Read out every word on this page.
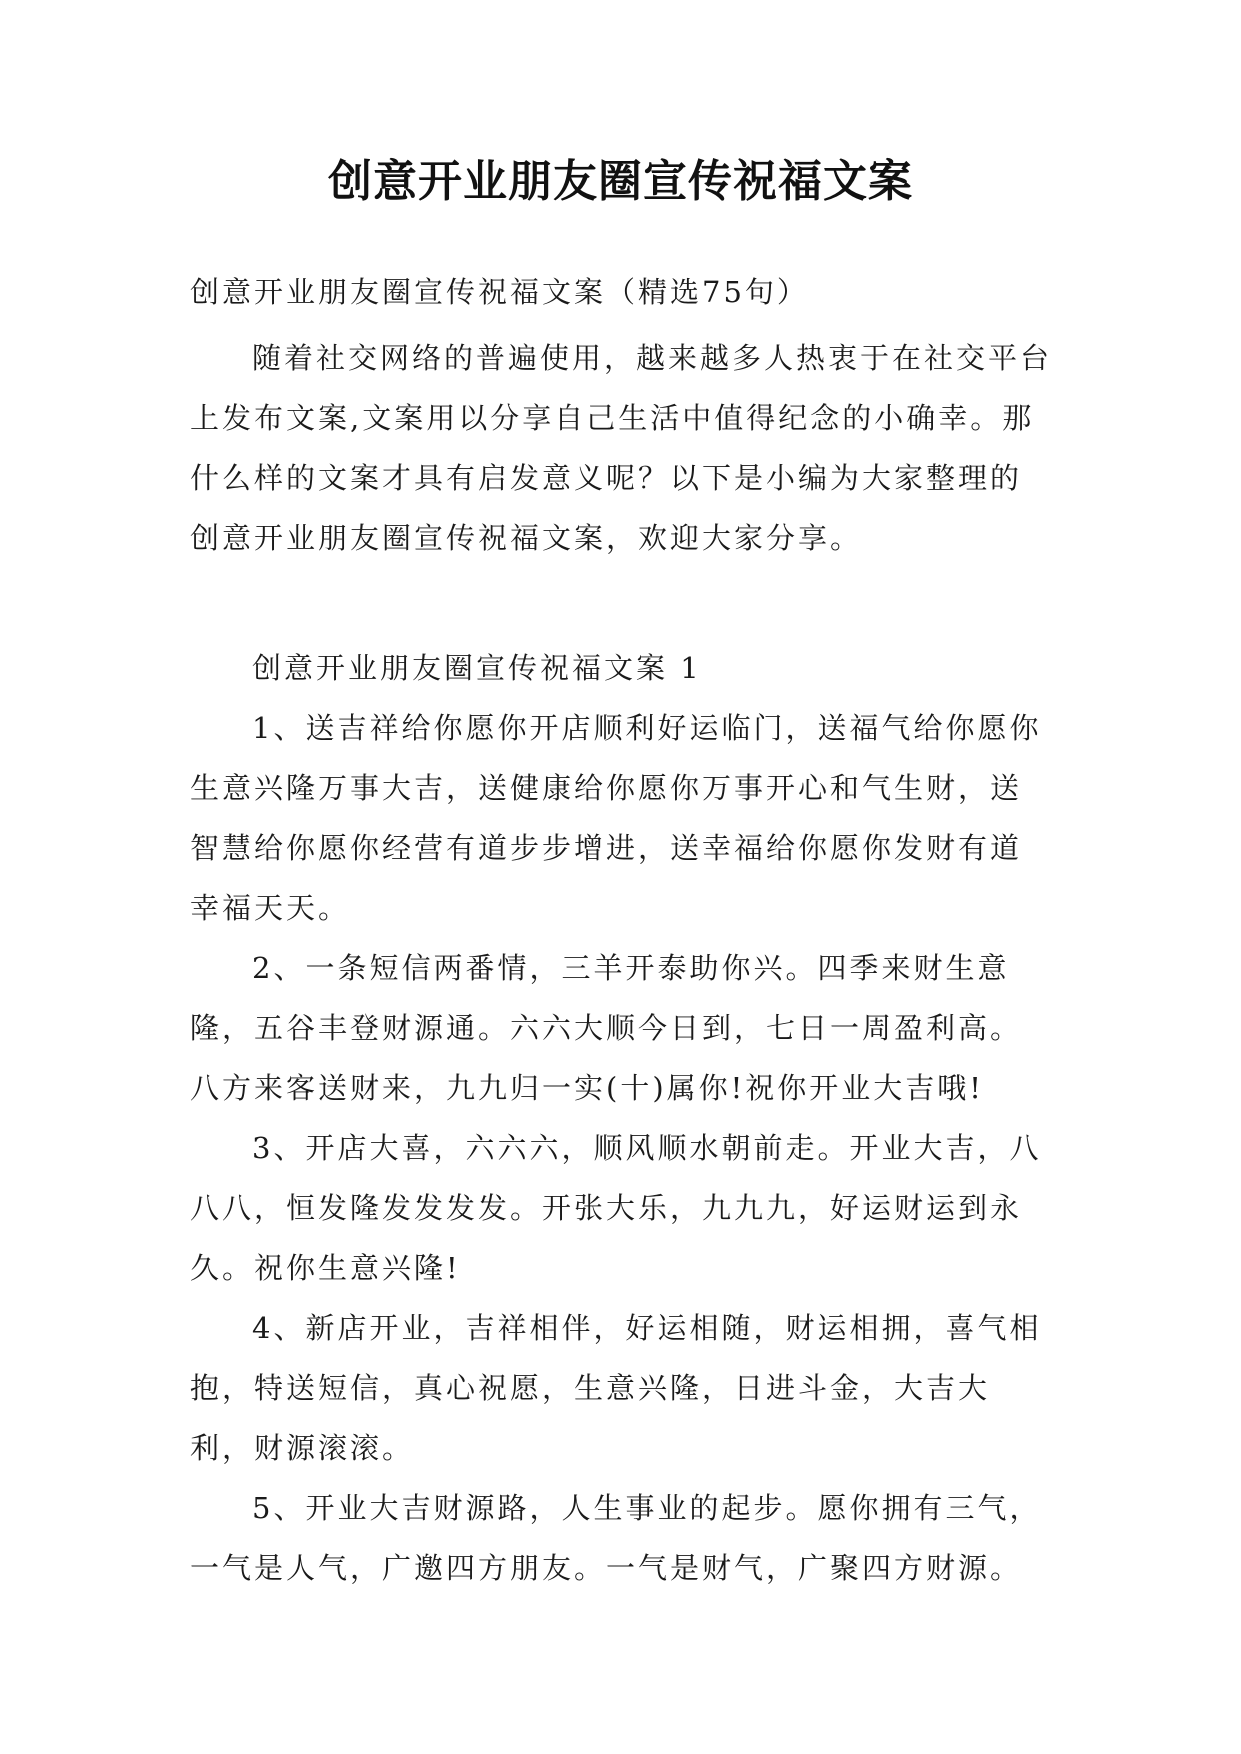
创意开业朋友圈宣传祝福文案

创意开业朋友圈宣传祝福文案（精选75句）

随着社交网络的普遍使用，越来越多人热衷于在社交平台上发布文案,文案用以分享自己生活中值得纪念的小确幸。那什么样的文案才具有启发意义呢？以下是小编为大家整理的创意开业朋友圈宣传祝福文案，欢迎大家分享。

创意开业朋友圈宣传祝福文案 1

1、送吉祥给你愿你开店顺利好运临门，送福气给你愿你生意兴隆万事大吉，送健康给你愿你万事开心和气生财，送智慧给你愿你经营有道步步增进，送幸福给你愿你发财有道幸福天天。

2、一条短信两番情，三羊开泰助你兴。四季来财生意隆，五谷丰登财源通。六六大顺今日到，七日一周盈利高。八方来客送财来，九九归一实(十)属你!祝你开业大吉哦!

3、开店大喜，六六六，顺风顺水朝前走。开业大吉，八八八，恒发隆发发发发。开张大乐，九九九，好运财运到永久。祝你生意兴隆!

4、新店开业，吉祥相伴，好运相随，财运相拥，喜气相抱，特送短信，真心祝愿，生意兴隆，日进斗金，大吉大利，财源滚滚。

5、开业大吉财源路，人生事业的起步。愿你拥有三气，一气是人气，广邀四方朋友。一气是财气，广聚四方财源。
